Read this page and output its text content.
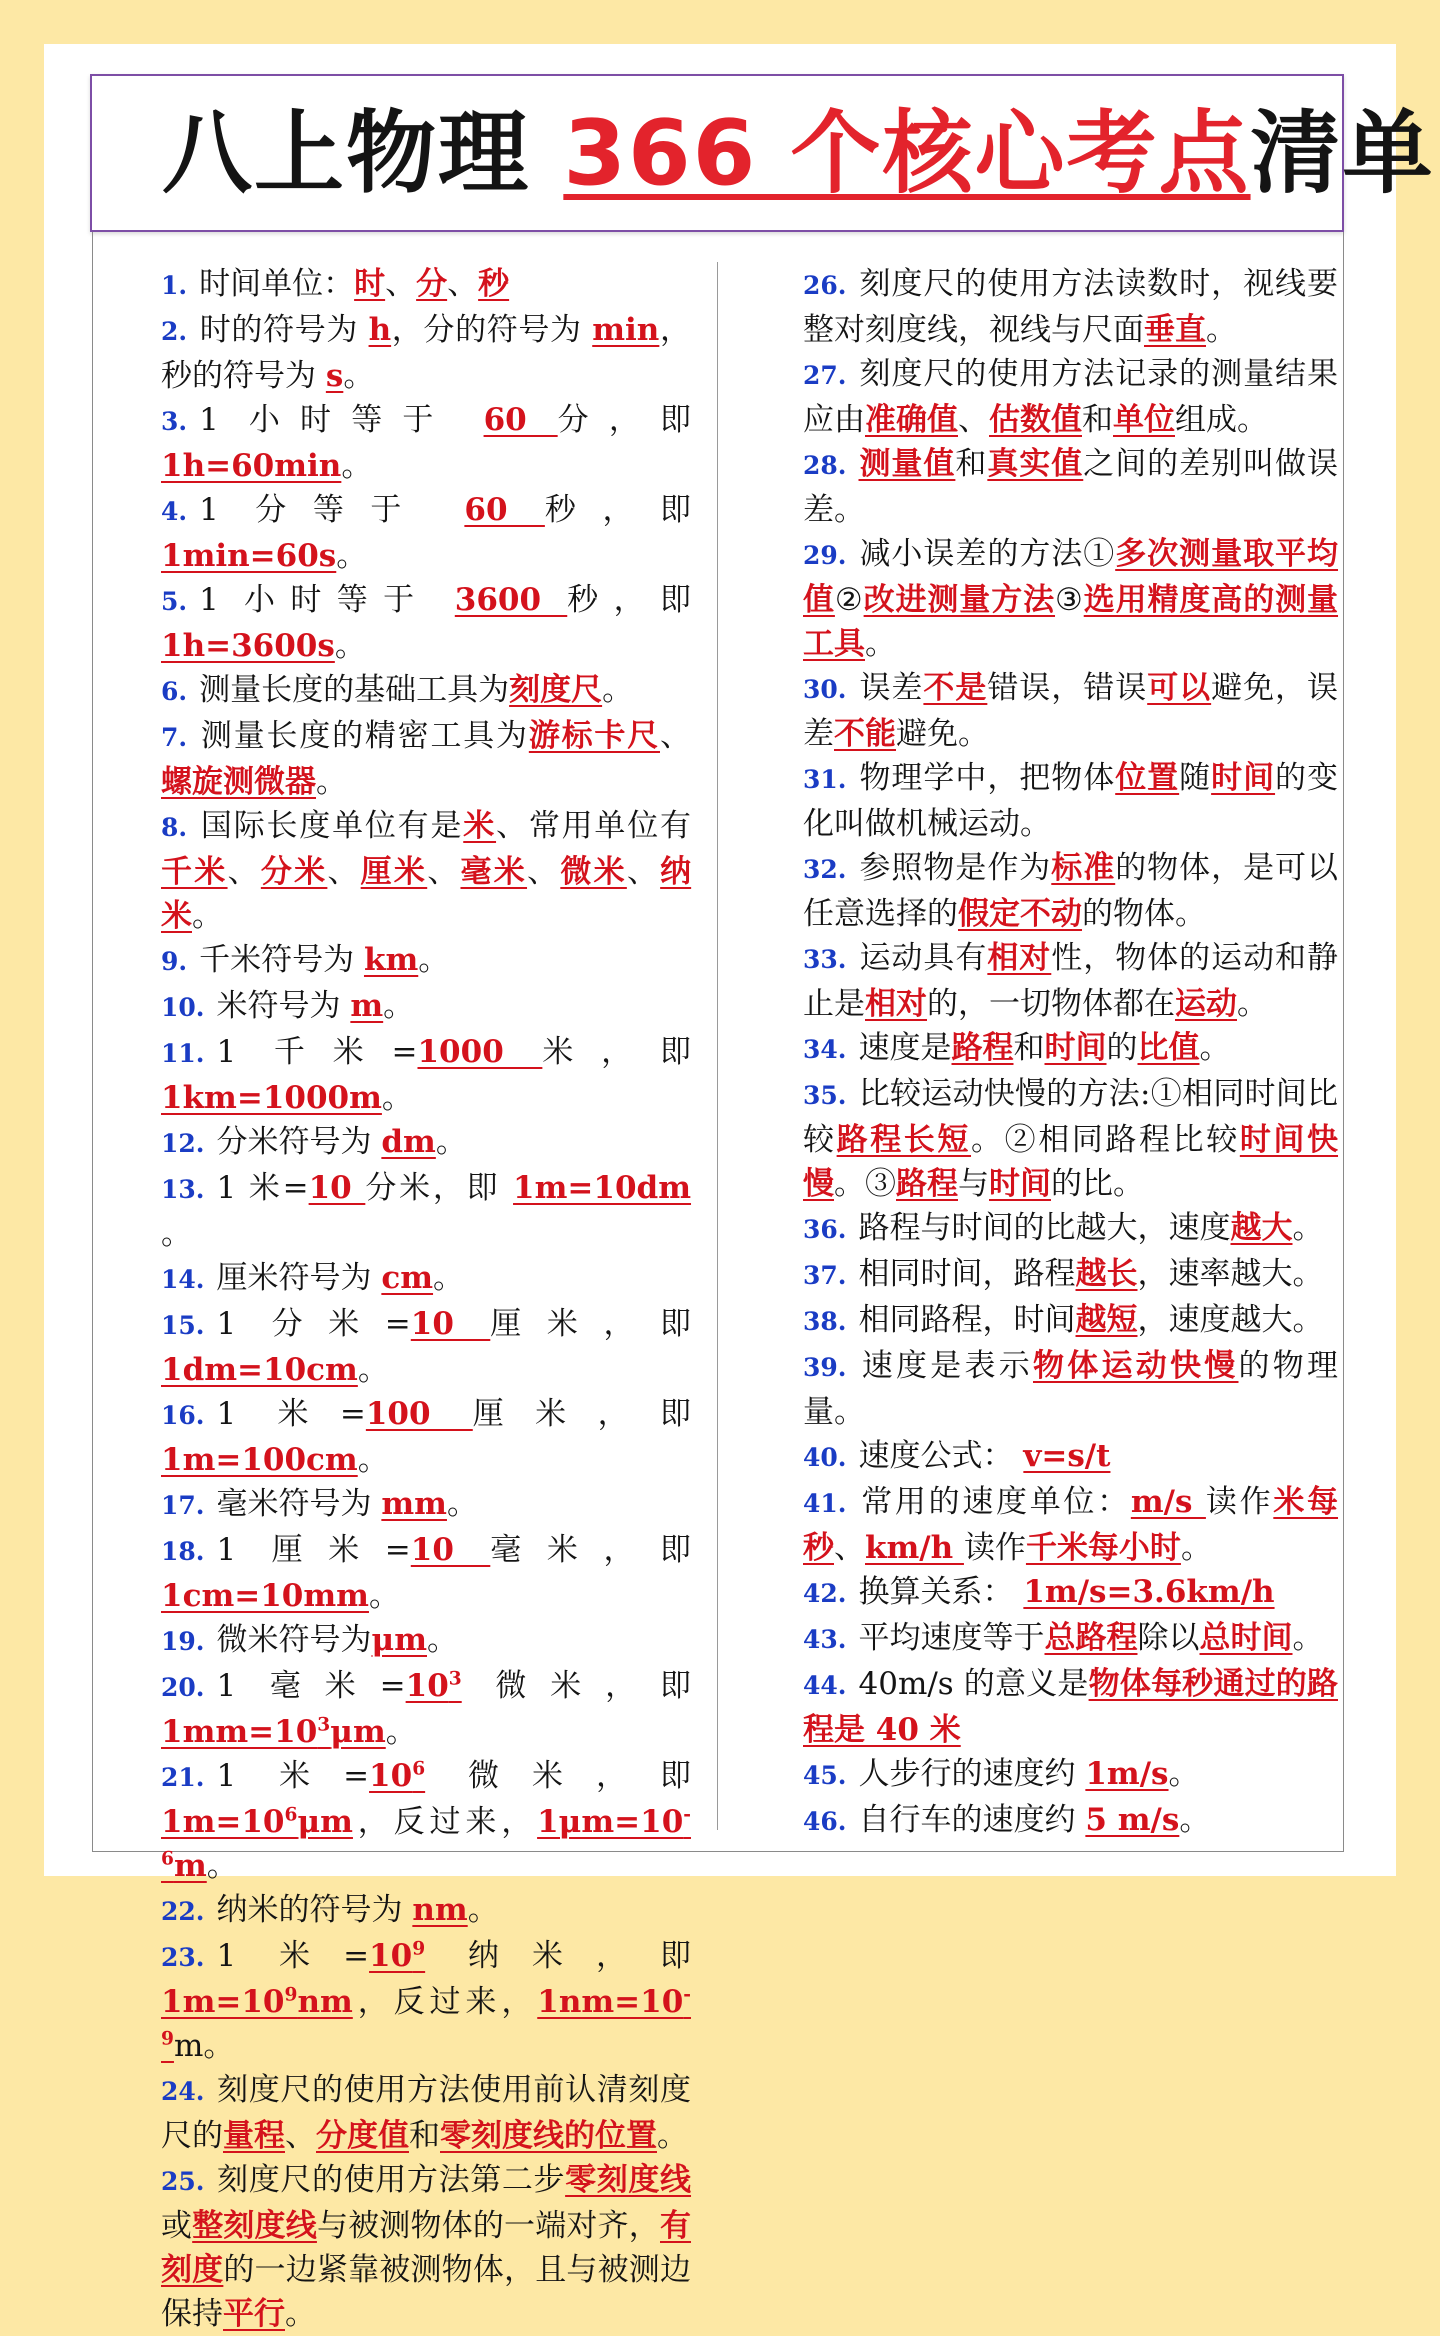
八上物理 366 个核心考点清单

1. 时间单位：时、分、秒

2. 时的符号为 h，分的符号为 min，秒的符号为 s。

3. 1 小时等于 60 分，即 1h=60min。

4. 1 分等于 60 秒，即 1min=60s。

5. 1 小时等于 3600 秒，即 1h=3600s。

6. 测量长度的基础工具为刻度尺。

7. 测量长度的精密工具为游标卡尺、螺旋测微器。

8. 国际长度单位有是米、常用单位有千米、分米、厘米、毫米、微米、纳米。

9. 千米符号为 km。

10. 米符号为 m。

11. 1 千米=1000 米，即 1km=1000m。

12. 分米符号为 dm。

13. 1 米=10 分米，即 1m=10dm 。

14. 厘米符号为 cm。

15. 1 分米=10 厘米，即 1dm=10cm。

16. 1 米=100 厘米，即 1m=100cm。

17. 毫米符号为 mm。

18. 1 厘米=10 毫米，即 1cm=10mm。

19. 微米符号为μm。

20. 1 毫米$=10^3$ 微米，即 $1mm=10^3\mu m$。

21. 1 米$=10^6$ 微米，即 $1m=10^6\mu m$，反过来，$1\mu m=10^{-6}m$。

22. 纳米的符号为 nm。

23. 1 米$=10^9$ 纳米，即 $1m=10^9nm$，反过来，$1nm=10^{-9}m$。

24. 刻度尺的使用方法使用前认清刻度尺的量程、分度值和零刻度线的位置。

25. 刻度尺的使用方法第二步零刻度线或整刻度线与被测物体的一端对齐，有刻度的一边紧靠被测物体，且与被测边保持平行。

26. 刻度尺的使用方法读数时，视线要整对刻度线，视线与尺面垂直。

27. 刻度尺的使用方法记录的测量结果应由准确值、估数值和单位组成。

28. 测量值和真实值之间的差别叫做误差。

29. 减小误差的方法①多次测量取平均值②改进测量方法③选用精度高的测量工具。

30. 误差不是错误，错误可以避免，误差不能避免。

31. 物理学中，把物体位置随时间的变化叫做机械运动。

32. 参照物是作为标准的物体，是可以任意选择的假定不动的物体。

33. 运动具有相对性，物体的运动和静止是相对的，一切物体都在运动。

34. 速度是路程和时间的比值。

35. 比较运动快慢的方法:①相同时间比较路程长短。②相同路程比较时间快慢。③路程与时间的比。

36. 路程与时间的比越大，速度越大。

37. 相同时间，路程越长，速率越大。

38. 相同路程，时间越短，速度越大。

39. 速度是表示物体运动快慢的物理量。

40. 速度公式： v=s/t

41. 常用的速度单位：m/s 读作米每秒、km/h 读作千米每小时。

42. 换算关系： 1m/s=3.6km/h

43. 平均速度等于总路程除以总时间。

44. 40m/s 的意义是物体每秒通过的路程是 40 米

45. 人步行的速度约 1m/s。

46. 自行车的速度约 5 m/s。
